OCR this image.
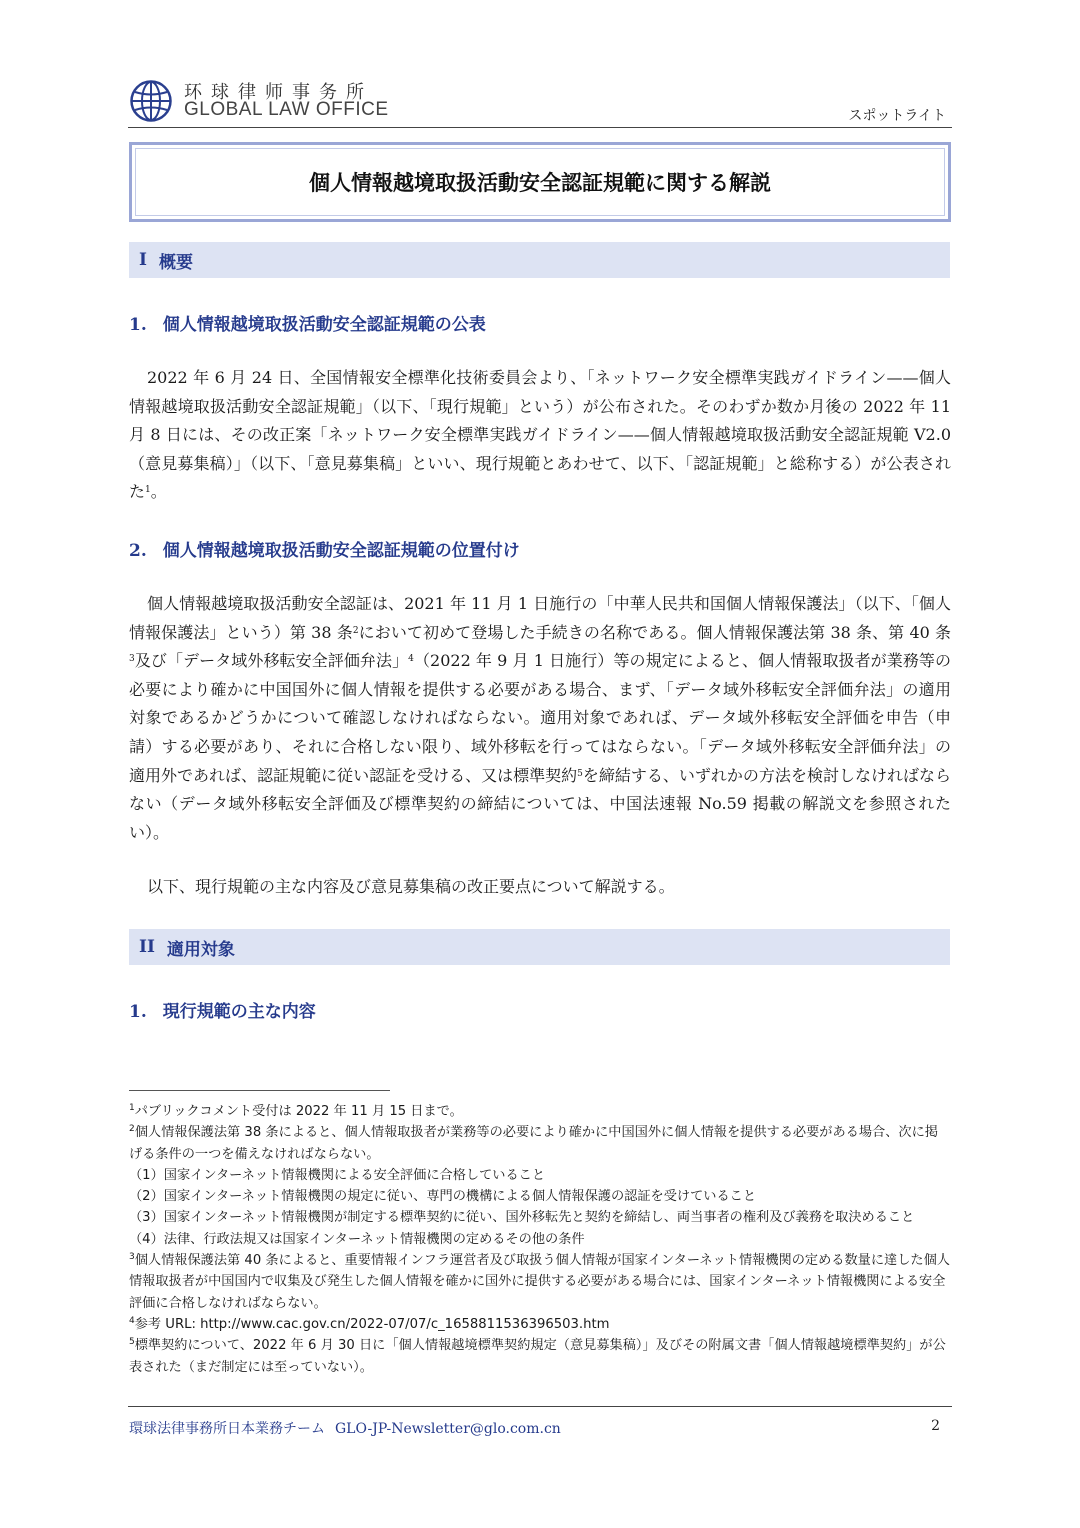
环球律师事务所
GLOBAL LAW OFFICE	スポットライト
個人情報越境取扱活動安全認証規範に関する解説
I 概要
1. 個人情報越境取扱活動安全認証規範の公表

2022 年 6 月 24 日、全国情報安全標準化技術委員会より、「ネットワーク安全標準実践ガイドライン——個人情報越境取扱活動安全認証規範」（以下、「現行規範」という）が公布された。そのわずか数か月後の 2022 年 11 月 8 日には、その改正案「ネットワーク安全標準実践ガイドライン——個人情報越境取扱活動安全認証規範 V2.0（意見募集稿）」（以下、「意見募集稿」といい、現行規範とあわせて、以下、「認証規範」と総称する）が公表された$^1$。

2. 個人情報越境取扱活動安全認証規範の位置付け

個人情報越境取扱活動安全認証は、2021 年 11 月 1 日施行の「中華人民共和国個人情報保護法」（以下、「個人情報保護法」という）第 38 条$^2$において初めて登場した手続きの名称である。個人情報保護法第 38 条、第 40 条$^3$及び「データ域外移転安全評価弁法」$^4$（2022 年 9 月 1 日施行）等の規定によると、個人情報取扱者が業務等の必要により確かに中国国外に個人情報を提供する必要がある場合、まず、「データ域外移転安全評価弁法」の適用対象であるかどうかについて確認しなければならない。適用対象であれば、データ域外移転安全評価を申告（申請）する必要があり、それに合格しない限り、域外移転を行ってはならない。「データ域外移転安全評価弁法」の適用外であれば、認証規範に従い認証を受ける、又は標準契約$^5$を締結する、いずれかの方法を検討しなければならない（データ域外移転安全評価及び標準契約の締結については、中国法速報 No.59 掲載の解説文を参照されたい）。

以下、現行規範の主な内容及び意見募集稿の改正要点について解説する。

II 適用対象
1. 現行規範の主な内容

$^1$パブリックコメント受付は 2022 年 11 月 15 日まで。

$^2$個人情報保護法第 38 条によると、個人情報取扱者が業務等の必要により確かに中国国外に個人情報を提供する必要がある場合、次に掲げる条件の一つを備えなければならない。

（1）国家インターネット情報機関による安全評価に合格していること

（2）国家インターネット情報機関の規定に従い、専門の機構による個人情報保護の認証を受けていること

（3）国家インターネット情報機関が制定する標準契約に従い、国外移転先と契約を締結し、両当事者の権利及び義務を取決めること

（4）法律、行政法規又は国家インターネット情報機関の定めるその他の条件

$^3$個人情報保護法第 40 条によると、重要情報インフラ運営者及び取扱う個人情報が国家インターネット情報機関の定める数量に達した個人情報取扱者が中国国内で収集及び発生した個人情報を確かに国外に提供する必要がある場合には、国家インターネット情報機関による安全評価に合格しなければならない。

$^4$参考 URL: http://www.cac.gov.cn/2022-07/07/c_1658811536396503.htm

$^5$標準契約について、2022 年 6 月 30 日に「個人情報越境標準契約規定（意見募集稿）」及びその附属文書「個人情報越境標準契約」が公表された（まだ制定には至っていない）。

環球法律事務所日本業務チーム GLO-JP-Newsletter@glo.com.cn	2
